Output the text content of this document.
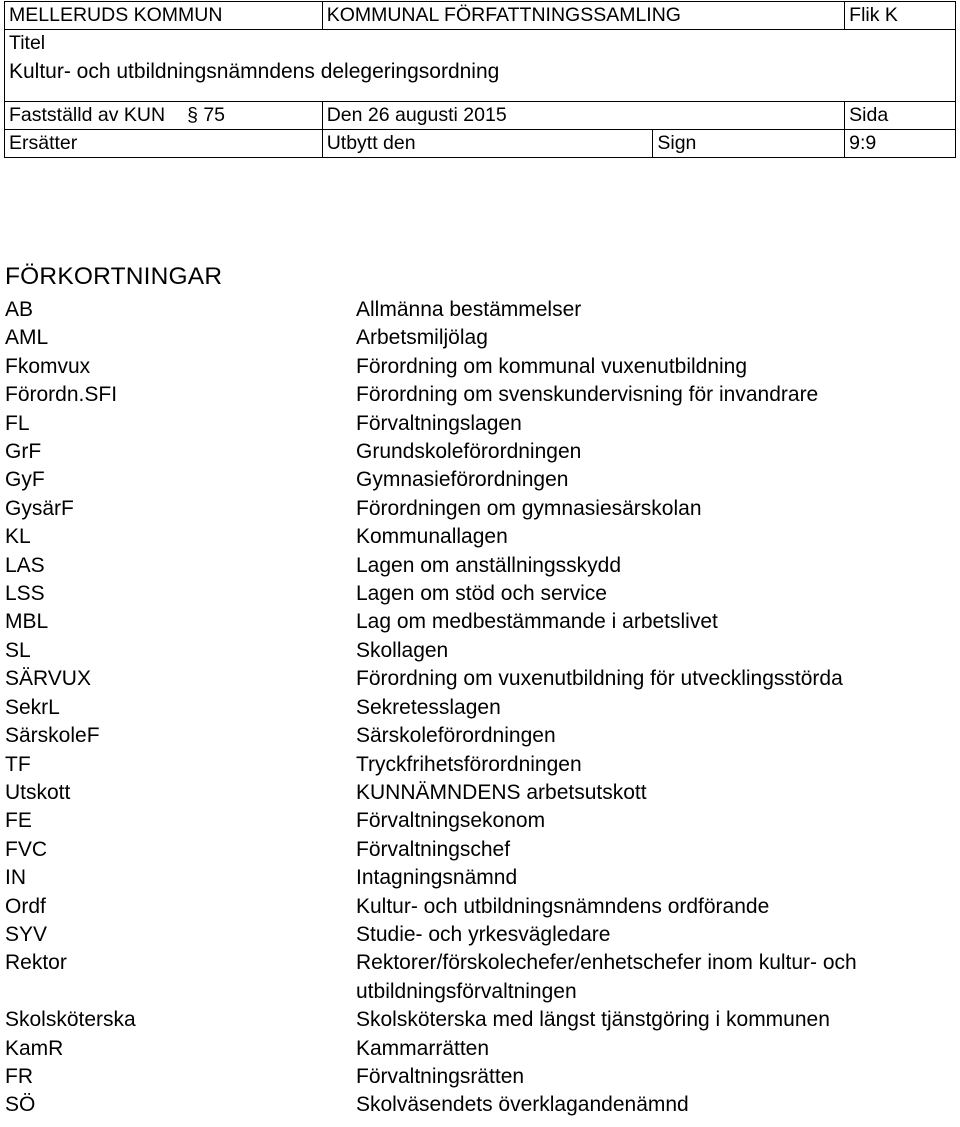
MELLERUDS KOMMUN	KOMMUNAL FÖRFATTNINGSSAMLING		Flik K

Titel
Kultur- och utbildningsnämndens delegeringsordning			

Fastställd av KUN § 75	Den 26 augusti 2015		Sida
Ersätter	Utbytt den	Sign	9:9
FÖRKORTNINGAR
AB	Allmänna bestämmelser
AML	Arbetsmiljölag
Fkomvux	Förordning om kommunal vuxenutbildning
Förordn.SFI	Förordning om svenskundervisning för invandrare
FL	Förvaltningslagen
GrF	Grundskoleförordningen
GyF	Gymnasieförordningen
GysärF	Förordningen om gymnasiesärskolan
KL	Kommunallagen
LAS	Lagen om anställningsskydd
LSS	Lagen om stöd och service
MBL	Lag om medbestämmande i arbetslivet
SL	Skollagen
SÄRVUX	Förordning om vuxenutbildning för utvecklingsstörda
SekrL	Sekretesslagen
SärskoleF	Särskoleförordningen
TF	Tryckfrihetsförordningen
Utskott	KUNNÄMNDENS arbetsutskott
FE	Förvaltningsekonom
FVC	Förvaltningschef
IN	Intagningsnämnd
Ordf	Kultur- och utbildningsnämndens ordförande
SYV	Studie- och yrkesvägledare
Rektor	Rektorer/förskolechefer/enhetschefer inom kultur- och
utbildningsförvaltningen
Skolsköterska	Skolsköterska med längst tjänstgöring i kommunen
KamR	Kammarrätten
FR	Förvaltningsrätten
SÖ	Skolväsendets överklagandenämnd
